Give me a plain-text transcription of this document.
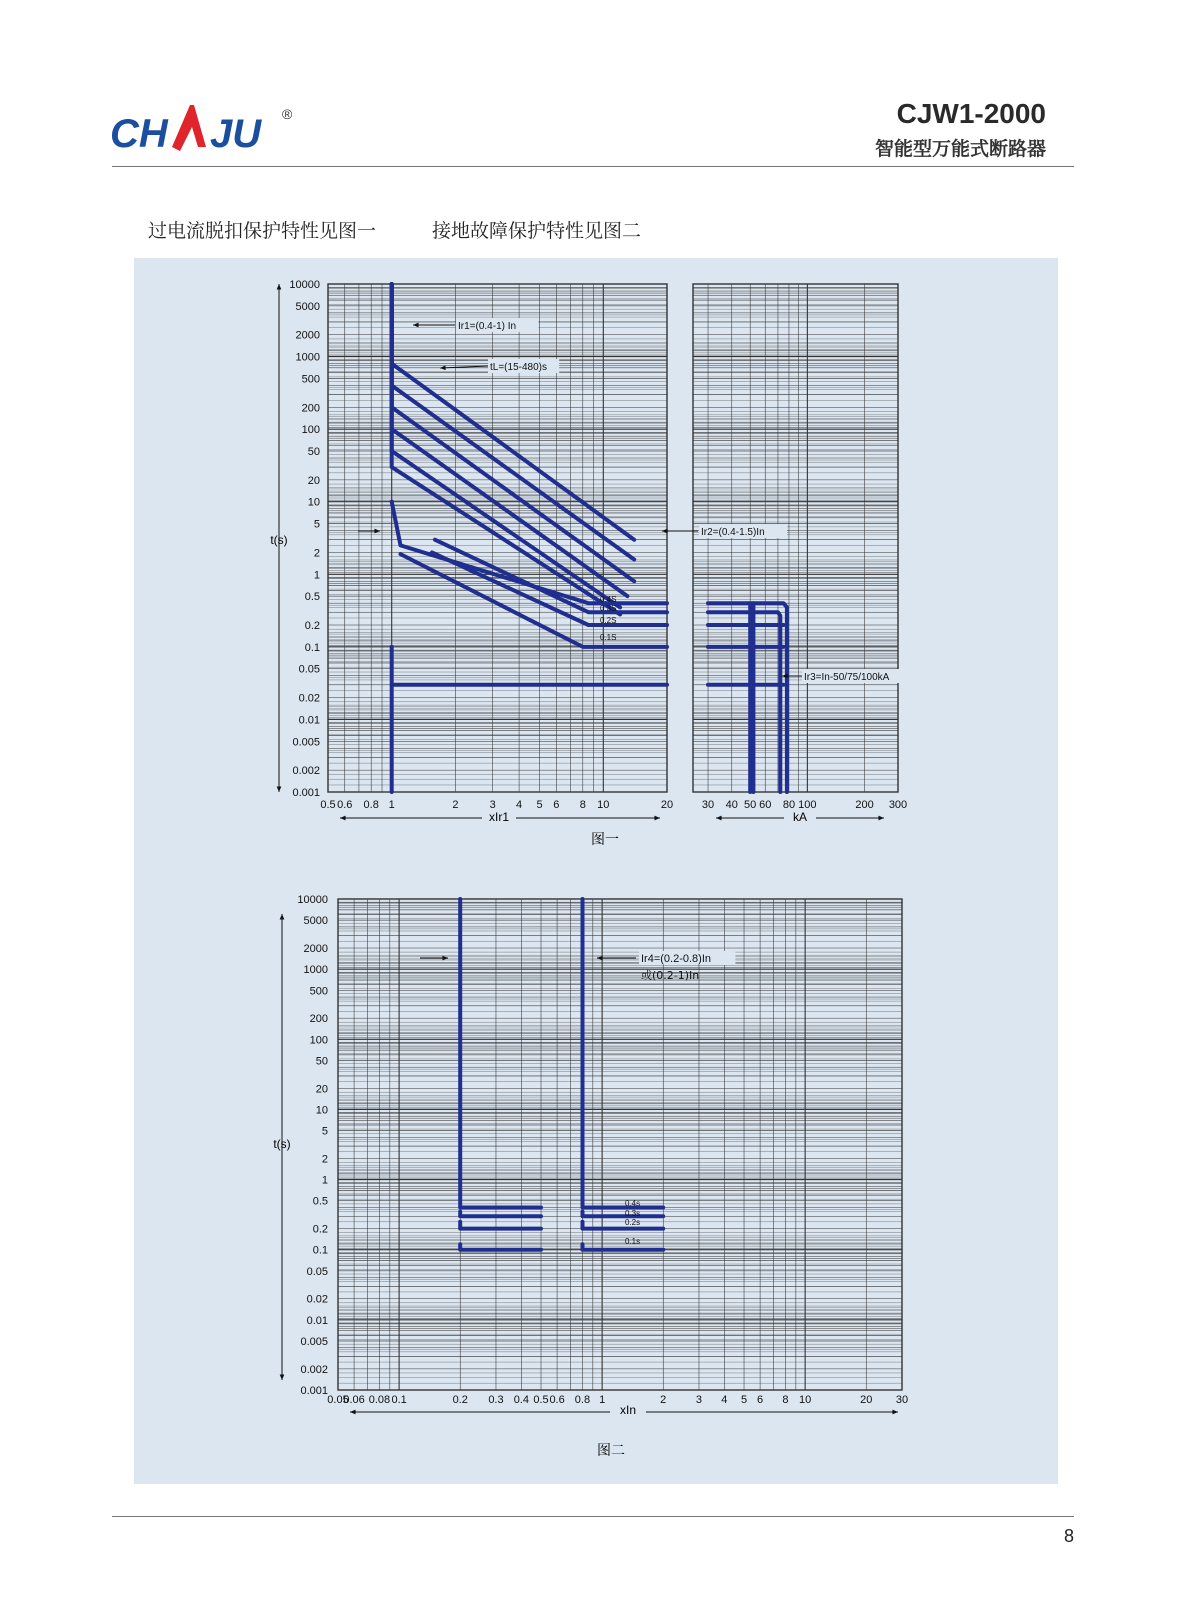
CH JU ®	CJW1-2000
智能型万能式断路器
过电流脱扣保护特性见图一	接地故障保护特性见图二
10000
5000
2000
1000
500
200
100
50
20
10
5
2
1
0.5
0.2
0.1
0.05
0.02
0.01
0.005
0.002
0.001
0.5 0.6 0.8 1	2	3 4 5 6 8 10	20	30 40 50 60 80 100	200 300
Ir1=(0.4-1) In
tL=(15-480)s
Ir2=(0.4-1.5)In
Ir3=In-50/75/100kA
0.4S
0.3S
0.2S
0.1S
图一
t(s)
xIr1	kA
10000
5000
2000
1000
500
200
100
50
20
10
5
2
1
0.5
0.2
0.1
0.05
0.02
0.01
0.005
0.002
0.001
0.05
0.06 0.08 0.1	0.2 0.3 0.4 0.5 0.6 0.8 1	2	3 4 5 6 8 10	20 30
Ir4=(0.2-0.8)In
或(0.2-1)In
0.4s
0.3s
0.2s
0.1s
图二
t(s)
xIn
8
